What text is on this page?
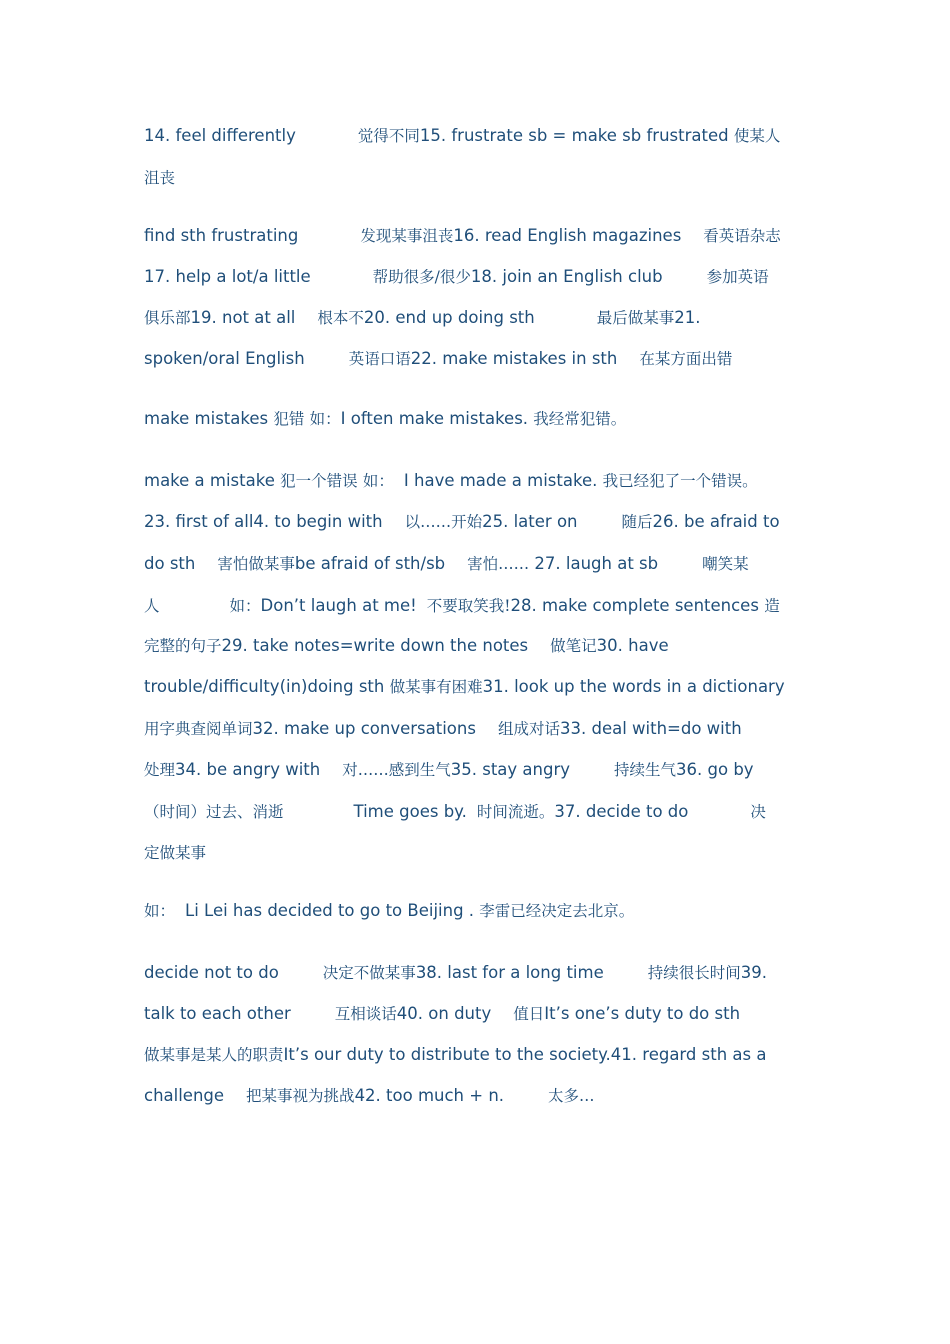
14. feel differently	觉得不同15. frustrate sb = make sb frustrated 使某人
沮丧
find sth frustrating	发现某事沮丧16. read English magazines 看英语杂志
17. help a lot/a little	帮助很多/很少18. join an English club	参加英语
俱乐部19. not at all 根本不20. end up doing sth	最后做某事21.
spoken/oral English	英语口语22. make mistakes in sth 在某方面出错
make mistakes 犯错 如：I often make mistakes. 我经常犯错。
make a mistake 犯一个错误 如： I have made a mistake. 我已经犯了一个错误。
23. first of all4. to begin with 以……开始25. later on	随后26. be afraid to
do sth 害怕做某事be afraid of sth/sb 害怕…… 27. laugh at sb	嘲笑某
人	如：Don’t laugh at me! 不要取笑我!28. make complete sentences 造
完整的句子29. take notes=write down the notes 做笔记30. have
trouble/difficulty(in)doing sth 做某事有困难31. look up the words in a dictionary
用字典查阅单词32. make up conversations 组成对话33. deal with=do with
处理34. be angry with 对……感到生气35. stay angry	持续生气36. go by
（时间）过去、消逝	Time goes by. 时间流逝。37. decide to do	决
定做某事
如： Li Lei has decided to go to Beijing . 李雷已经决定去北京。
decide not to do	决定不做某事38. last for a long time	持续很长时间39.
talk to each other	互相谈话40. on duty 值日It’s one’s duty to do sth
做某事是某人的职责It’s our duty to distribute to the society.41. regard sth as a
challenge 把某事视为挑战42. too much + n.	太多…
